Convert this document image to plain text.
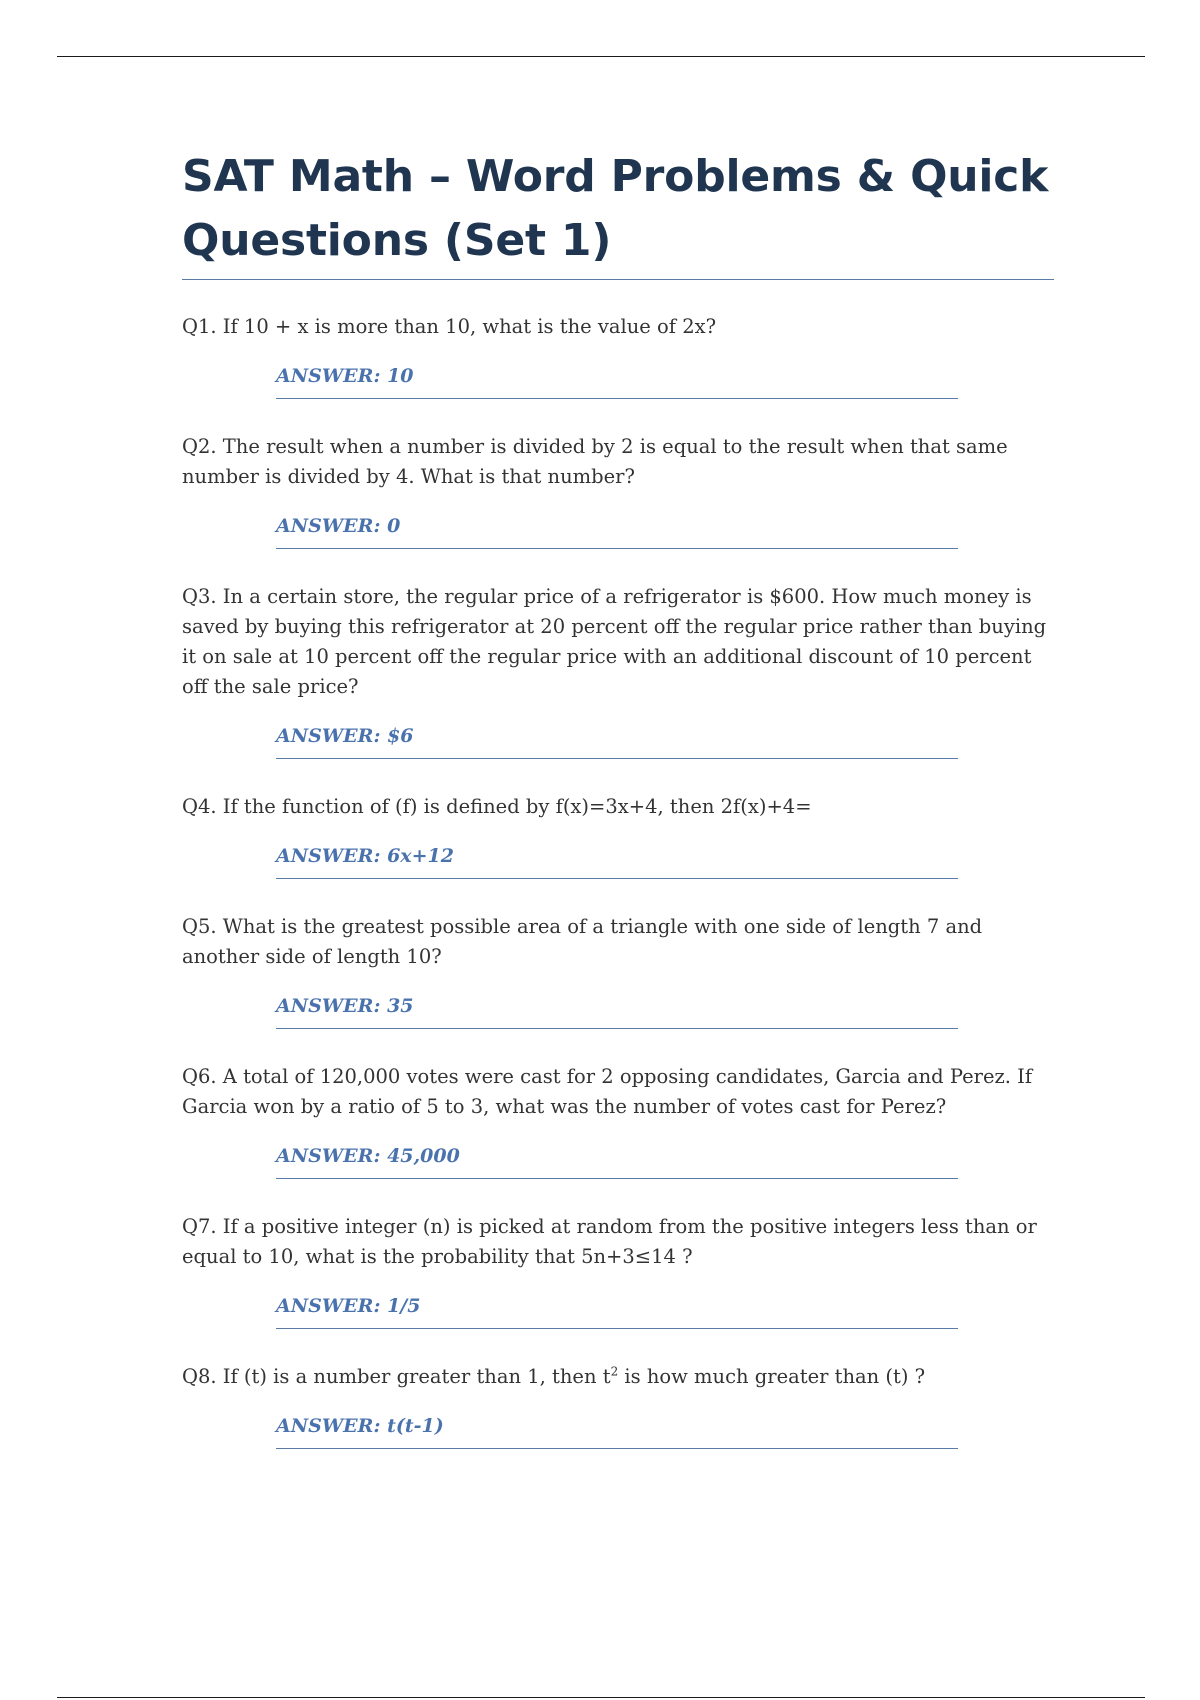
SAT Math – Word Problems & Quick Questions (Set 1)

Q1. If 10 + x is more than 10, what is the value of 2x?

ANSWER: 10

Q2. The result when a number is divided by 2 is equal to the result when that same number is divided by 4. What is that number?

ANSWER: 0

Q3. In a certain store, the regular price of a refrigerator is $600. How much money is saved by buying this refrigerator at 20 percent off the regular price rather than buying it on sale at 10 percent off the regular price with an additional discount of 10 percent off the sale price?

ANSWER: $6

Q4. If the function of (f) is defined by f(x)=3x+4, then 2f(x)+4=

ANSWER: 6x+12

Q5. What is the greatest possible area of a triangle with one side of length 7 and another side of length 10?

ANSWER: 35

Q6. A total of 120,000 votes were cast for 2 opposing candidates, Garcia and Perez. If Garcia won by a ratio of 5 to 3, what was the number of votes cast for Perez?

ANSWER: 45,000

Q7. If a positive integer (n) is picked at random from the positive integers less than or equal to 10, what is the probability that 5n+3≤14 ?

ANSWER: 1/5

Q8. If (t) is a number greater than 1, then $t^2$ is how much greater than (t) ?

ANSWER: t(t-1)
